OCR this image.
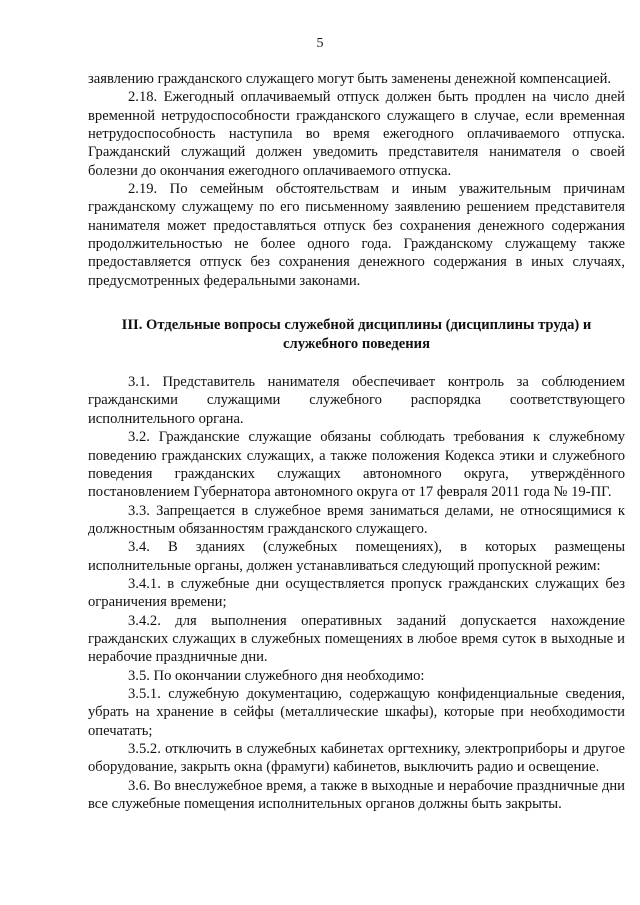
5

заявлению гражданского служащего могут быть заменены денежной компенсацией.

2.18. Ежегодный оплачиваемый отпуск должен быть продлен на число дней временной нетрудоспособности гражданского служащего в случае, если временная нетрудоспособность наступила во время ежегодного оплачиваемого отпуска. Гражданский служащий должен уведомить представителя нанимателя о своей болезни до окончания ежегодного оплачиваемого отпуска.

2.19. По семейным обстоятельствам и иным уважительным причинам гражданскому служащему по его письменному заявлению решением представителя нанимателя может предоставляться отпуск без сохранения денежного содержания продолжительностью не более одного года. Гражданскому служащему также предоставляется отпуск без сохранения денежного содержания в иных случаях, предусмотренных федеральными законами.

III. Отдельные вопросы служебной дисциплины (дисциплины труда) и служебного поведения

3.1. Представитель нанимателя обеспечивает контроль за соблюдением гражданскими служащими служебного распорядка соответствующего исполнительного органа.

3.2. Гражданские служащие обязаны соблюдать требования к служебному поведению гражданских служащих, а также положения Кодекса этики и служебного поведения гражданских служащих автономного округа, утверждённого постановлением Губернатора автономного округа от 17 февраля 2011 года № 19-ПГ.

3.3. Запрещается в служебное время заниматься делами, не относящимися к должностным обязанностям гражданского служащего.

3.4. В зданиях (служебных помещениях), в которых размещены исполнительные органы, должен устанавливаться следующий пропускной режим:

3.4.1. в служебные дни осуществляется пропуск гражданских служащих без ограничения времени;

3.4.2. для выполнения оперативных заданий допускается нахождение гражданских служащих в служебных помещениях в любое время суток в выходные и нерабочие праздничные дни.

3.5. По окончании служебного дня необходимо:

3.5.1. служебную документацию, содержащую конфиденциальные сведения, убрать на хранение в сейфы (металлические шкафы), которые при необходимости опечатать;

3.5.2. отключить в служебных кабинетах оргтехнику, электроприборы и другое оборудование, закрыть окна (фрамуги) кабинетов, выключить радио и освещение.

3.6. Во внеслужебное время, а также в выходные и нерабочие праздничные дни все служебные помещения исполнительных органов должны быть закрыты.
